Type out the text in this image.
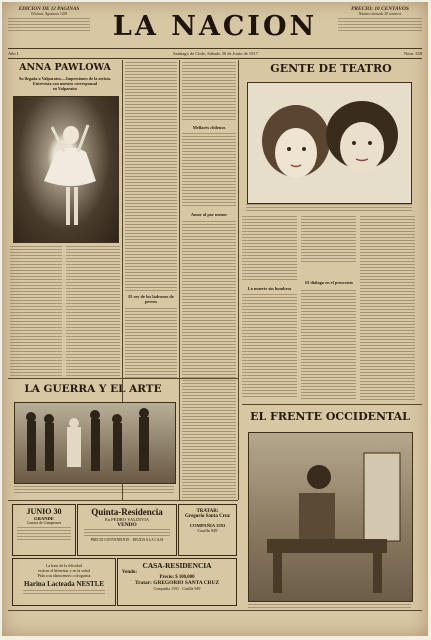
EDICION DE 12 PAGINAS
Oficinas: Agustinas 1269	LA NACION
PRECIO: 10 CENTAVOS
Número atrasado 20 centavos
Año I.	Santiago de Chile, Sábado 30 de Junio de 1917	Núm. 358
ANNA PAWLOWA
Su llegada a Valparaíso.—Impresiones de la artista.
Entrevista con nuestro corresponsal
en Valparaíso
El rey de los ladrones de
perros
Mellarés chilenos
Amor al por menor
GENTE DE TEATRO
La muerte sin hombros
El diálogo en el proscenio
LA GUERRA Y EL ARTE
EL FRENTE OCCIDENTAL
JUNIO 30
GRANDE
Carrera de Campeones
Quinta-Residencia
En PEDRO VALDIVIA
VENDO
PRECIO CONVENIENTE · DEUDA A LA CAJA
TRATAR:
Gregorio Santa Cruz
COMPAÑIA 1591
Casilla 949
La base de la felicidad
está en el bienestar y en la salud
Pida a su almacenero o droguista
Harina Lacteada NESTLE
CASA-RESIDENCIA
Vendo:
Precio: $ 100,000
Tratar: GREGORIO SANTA CRUZ
Compañía 1591 · Casilla 949
